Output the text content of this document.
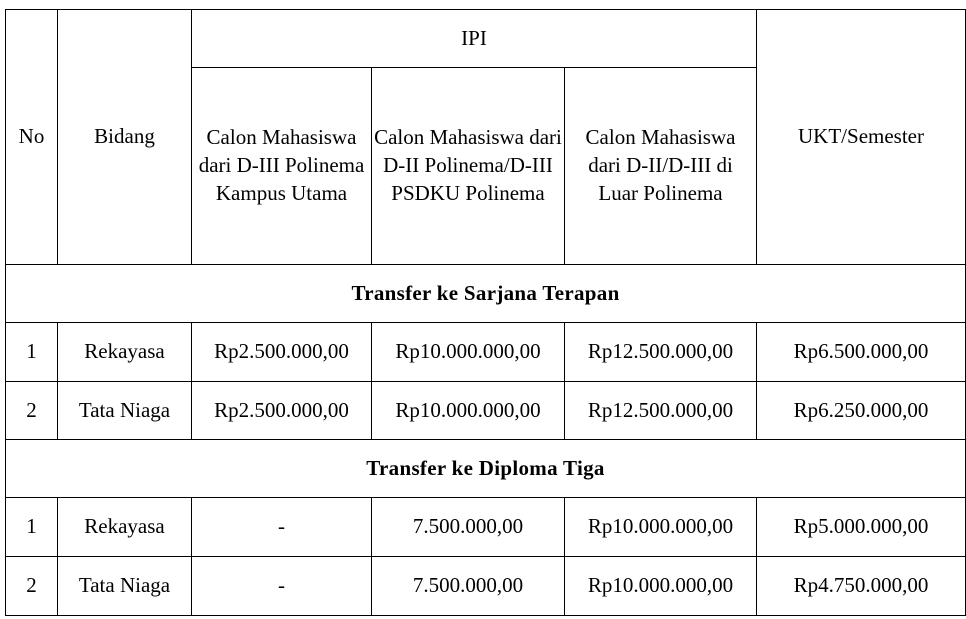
No	Bidang	IPI			UKT/Semester
		Calon Mahasiswa dari D-III Polinema Kampus Utama	Calon Mahasiswa dari D-II Polinema/D-III PSDKU Polinema	Calon Mahasiswa dari D-II/D-III di Luar Polinema	
Transfer ke Sarjana Terapan					
1	Rekayasa	Rp2.500.000,00	Rp10.000.000,00	Rp12.500.000,00	Rp6.500.000,00
2	Tata Niaga	Rp2.500.000,00	Rp10.000.000,00	Rp12.500.000,00	Rp6.250.000,00
Transfer ke Diploma Tiga					
1	Rekayasa	-	7.500.000,00	Rp10.000.000,00	Rp5.000.000,00
2	Tata Niaga	-	7.500.000,00	Rp10.000.000,00	Rp4.750.000,00
